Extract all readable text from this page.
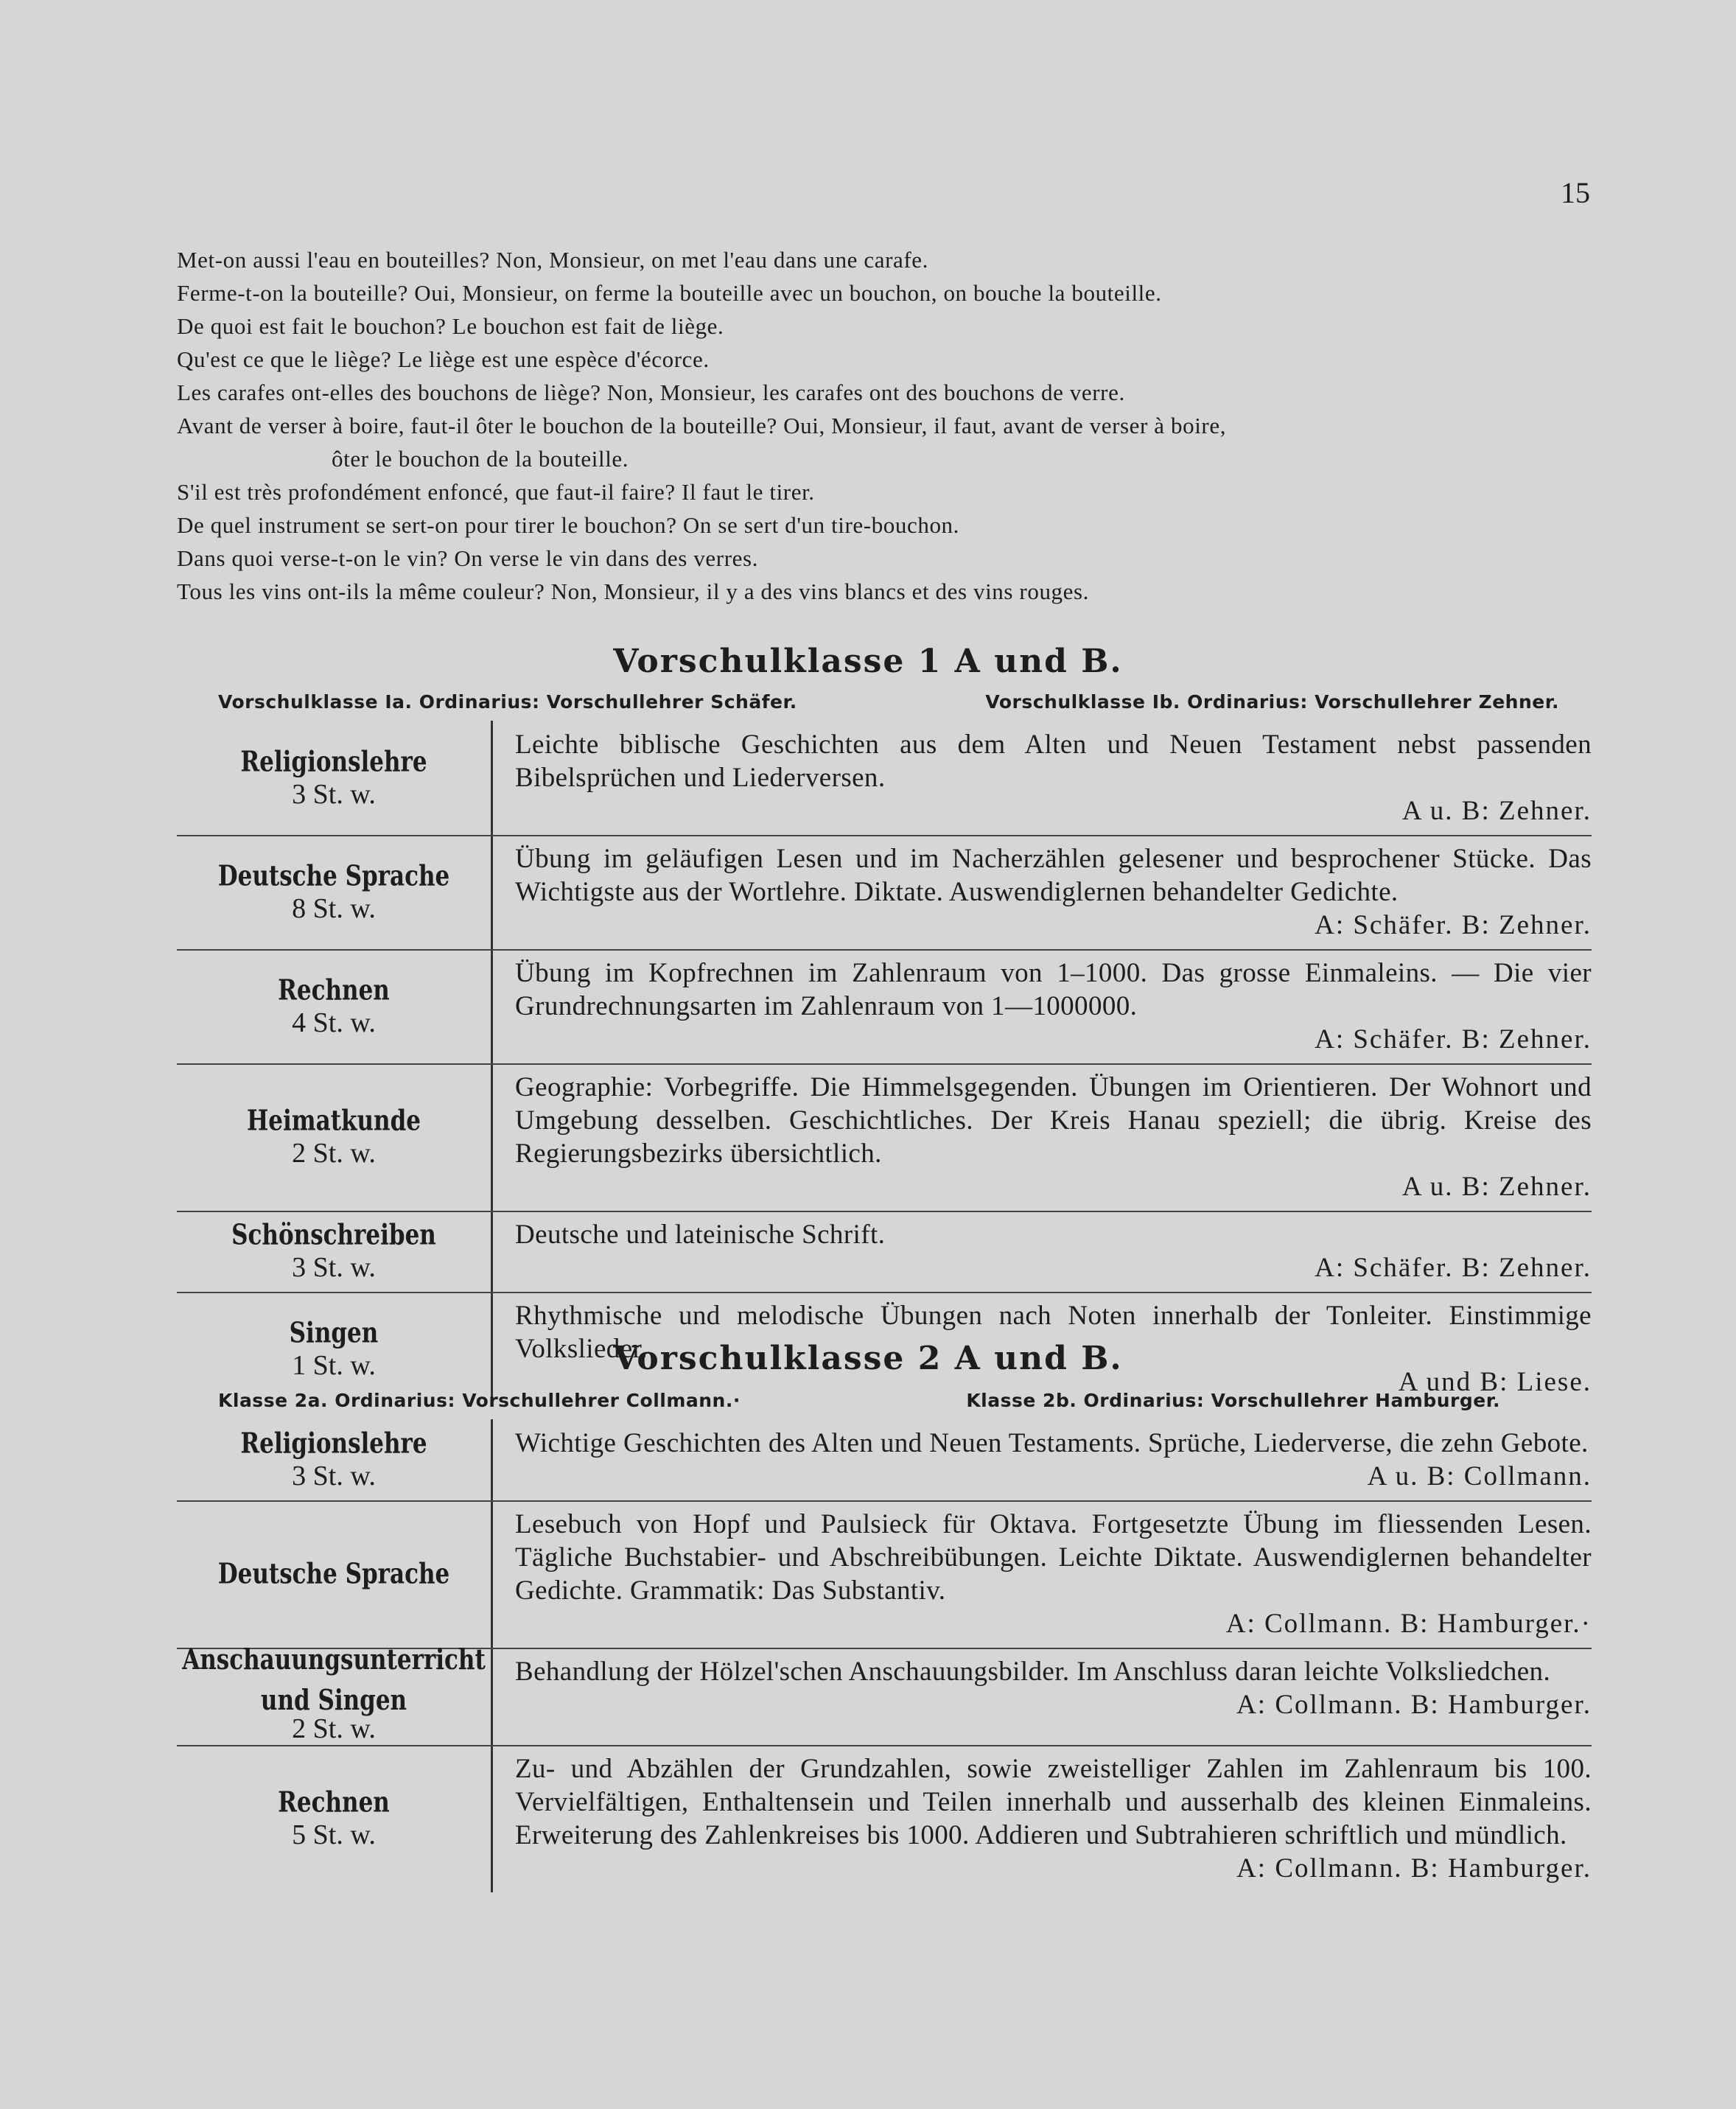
15
Met-on aussi l'eau en bouteilles? Non, Monsieur, on met l'eau dans une carafe.
Ferme-t-on la bouteille? Oui, Monsieur, on ferme la bouteille avec un bouchon, on bouche la bouteille.
De quoi est fait le bouchon? Le bouchon est fait de liège.
Qu'est ce que le liège? Le liège est une espèce d'écorce.
Les carafes ont-elles des bouchons de liège? Non, Monsieur, les carafes ont des bouchons de verre.
Avant de verser à boire, faut-il ôter le bouchon de la bouteille? Oui, Monsieur, il faut, avant de verser à boire,
ôter le bouchon de la bouteille.
S'il est très profondément enfoncé, que faut-il faire? Il faut le tirer.
De quel instrument se sert-on pour tirer le bouchon? On se sert d'un tire-bouchon.
Dans quoi verse-t-on le vin? On verse le vin dans des verres.
Tous les vins ont-ils la même couleur? Non, Monsieur, il y a des vins blancs et des vins rouges.
Vorschulklasse 1 A und B.
Vorschulklasse Ia. Ordinarius: Vorschullehrer Schäfer.	Vorschulklasse Ib. Ordinarius: Vorschullehrer Zehner.
Religionslehre
3 St. w.
Leichte biblische Geschichten aus dem Alten und Neuen Testament nebst passenden Bibelsprüchen und Liederversen.
A u. B: Zehner.
Deutsche Sprache
8 St. w.
Übung im geläufigen Lesen und im Nacherzählen gelesener und besprochener Stücke. Das Wichtigste aus der Wortlehre. Diktate. Auswendiglernen behandelter Gedichte.
A: Schäfer. B: Zehner.
Rechnen
4 St. w.
Übung im Kopfrechnen im Zahlenraum von 1–1000. Das grosse Einmaleins. — Die vier Grundrechnungsarten im Zahlenraum von 1—1000000.
A: Schäfer. B: Zehner.
Heimatkunde
2 St. w.
Geographie: Vorbegriffe. Die Himmelsgegenden. Übungen im Orientieren. Der Wohnort und Umgebung desselben. Geschichtliches. Der Kreis Hanau speziell; die übrig. Kreise des Regierungsbezirks übersichtlich.
A u. B: Zehner.
Schönschreiben
3 St. w.
Deutsche und lateinische Schrift.
A: Schäfer. B: Zehner.
Singen
1 St. w.
Rhythmische und melodische Übungen nach Noten innerhalb der Tonleiter. Einstimmige Volkslieder.
A und B: Liese.
Vorschulklasse 2 A und B.
Klasse 2a. Ordinarius: Vorschullehrer Collmann.·	Klasse 2b. Ordinarius: Vorschullehrer Hamburger.
Religionslehre
3 St. w.
Wichtige Geschichten des Alten und Neuen Testaments. Sprüche, Liederverse, die zehn Gebote.
A u. B: Collmann.
Deutsche Sprache
Lesebuch von Hopf und Paulsieck für Oktava. Fortgesetzte Übung im fliessenden Lesen. Tägliche Buchstabier- und Abschreibübungen. Leichte Diktate. Auswendiglernen behandelter Gedichte. Grammatik: Das Substantiv.
A: Collmann. B: Hamburger.·
Anschauungsunterricht und Singen
2 St. w.
Behandlung der Hölzel'schen Anschauungsbilder. Im Anschluss daran leichte Volksliedchen.
A: Collmann. B: Hamburger.
Rechnen
5 St. w.
Zu- und Abzählen der Grundzahlen, sowie zweistelliger Zahlen im Zahlenraum bis 100. Vervielfältigen, Enthaltensein und Teilen innerhalb und ausserhalb des kleinen Einmaleins. Erweiterung des Zahlenkreises bis 1000. Addieren und Subtrahieren schriftlich und mündlich.
A: Collmann. B: Hamburger.
